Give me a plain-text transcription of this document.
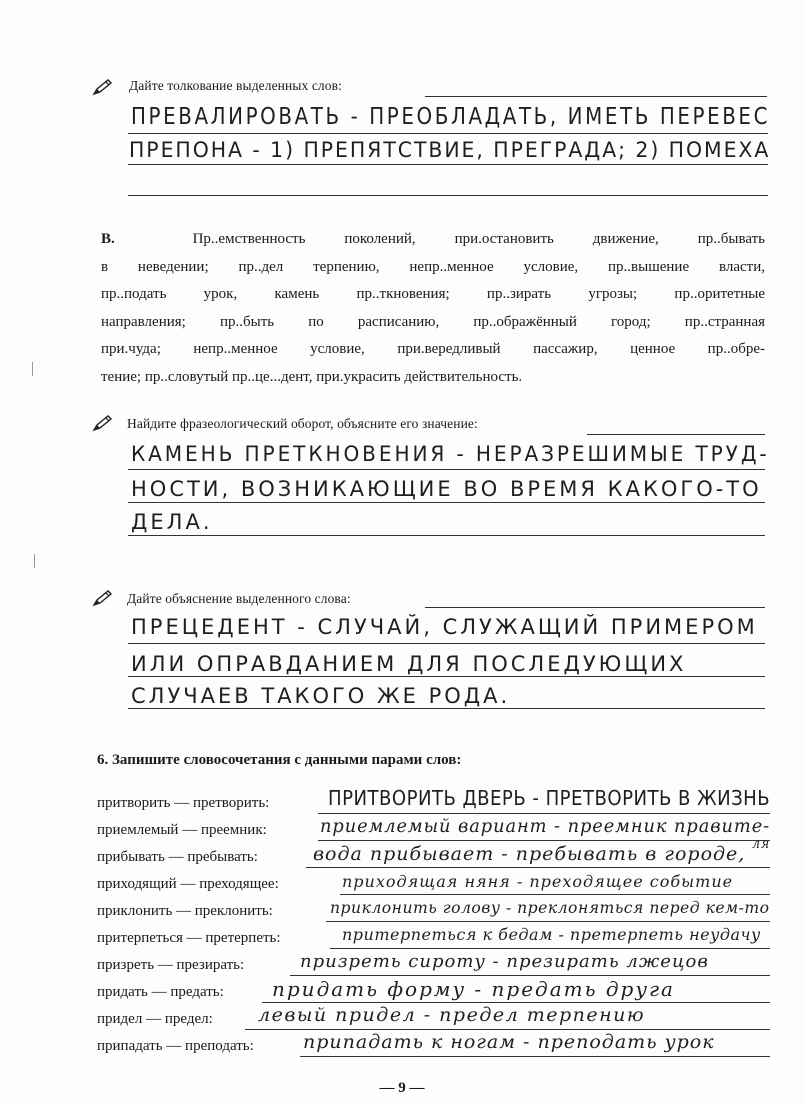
Дайте толкование выделенных слов:
ПРЕВАЛИРОВАТЬ - ПРЕОБЛАДАТЬ, ИМЕТЬ ПЕРЕВЕС
ПРЕПОНА - 1) ПРЕПЯТСТВИЕ, ПРЕГРАДА; 2) ПОМЕХА
В.	Пр..емственность поколений, при.остановить движение, пр..бывать
в неведении; пр..дел терпению, непр..менное условие, пр..вышение власти,
пр..подать урок, камень пр..ткновения; пр..зирать угрозы; пр..оритетные
направления; пр..быть по расписанию, пр..ображённый город; пр..странная
при.чуда; непр..менное условие, при.вередливый пассажир, ценное пр..обре-
тение; пр..словутый пр..це...дент, при.украсить действительность.
Найдите фразеологический оборот, объясните его значение:
КАМЕНЬ ПРЕТКНОВЕНИЯ - НЕРАЗРЕШИМЫЕ ТРУД-
НОСТИ, ВОЗНИКАЮЩИЕ ВО ВРЕМЯ КАКОГО-ТО
ДЕЛА.
Дайте объяснение выделенного слова:
ПРЕЦЕДЕНТ - СЛУЧАЙ, СЛУЖАЩИЙ ПРИМЕРОМ
ИЛИ ОПРАВДАНИЕМ ДЛЯ ПОСЛЕДУЮЩИХ
СЛУЧАЕВ ТАКОГО ЖЕ РОДА.
6. Запишите словосочетания с данными парами слов:
притворить — претворить:	ПРИТВОРИТЬ ДВЕРЬ - ПРЕТВОРИТЬ В ЖИЗНЬ
приемлемый — преемник:	приемлемый вариант - преемник правите-
ля
прибывать — пребывать:	вода прибывает - пребывать в городе,
приходящий — преходящее:	приходящая няня - преходящее событие
приклонить — преклонить:	приклонить голову - преклоняться перед кем-то
притерпеться — претерпеть:	притерпеться к бедам - претерпеть неудачу
призреть — презирать:	призреть сироту - презирать лжецов
придать — предать: придать форму - предать друга
придел — предел: левый придел - предел терпению
припадать — преподать:	припадать к ногам - преподать урок
— 9 —
